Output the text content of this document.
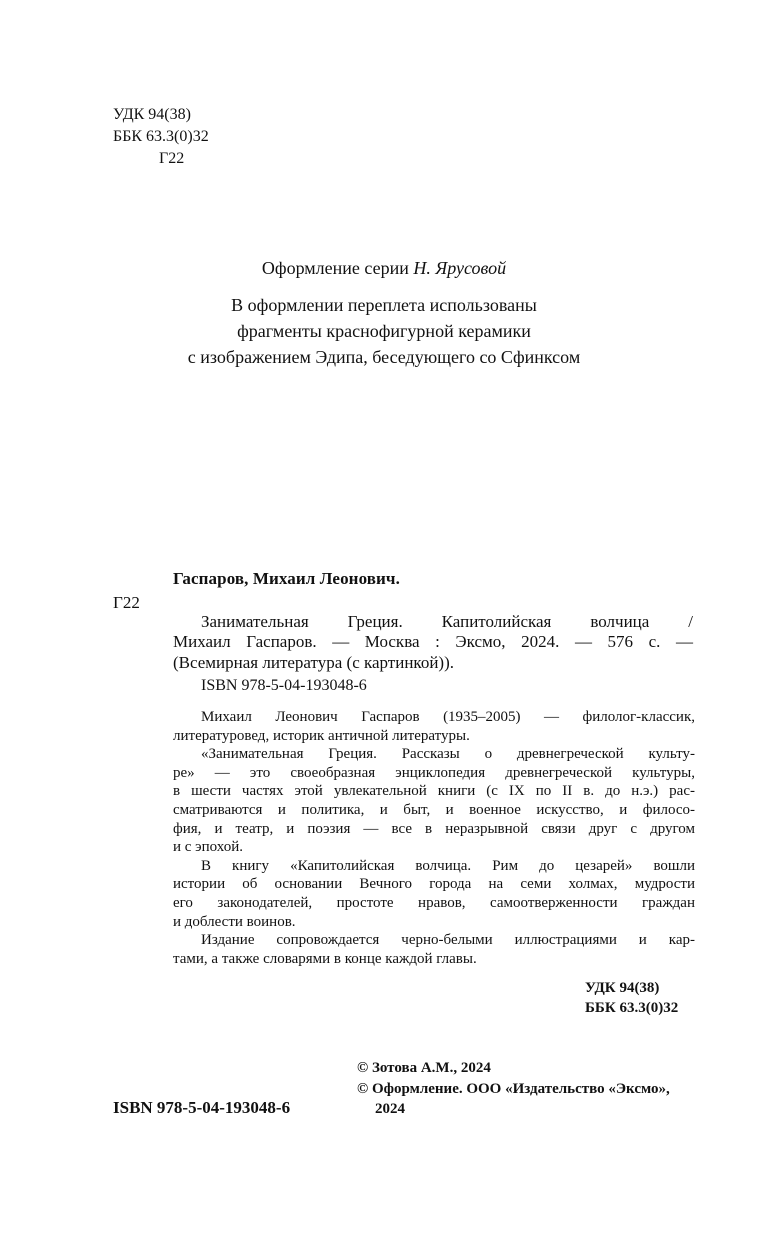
УДК 94(38)
ББК 63.3(0)32
Г22
Оформление серии Н. Ярусовой
В оформлении переплета использованы
фрагменты краснофигурной керамики
с изображением Эдипа, беседующего со Сфинксом
Гаспаров, Михаил Леонович.
Г22
Занимательная Греция. Капитолийская волчица /
Михаил Гаспаров. — Москва : Эксмо, 2024. — 576 с. —
(Всемирная литература (с картинкой)).
ISBN 978-5-04-193048-6
Михаил Леонович Гаспаров (1935–2005) — филолог-классик,
литературовед, историк античной литературы.
«Занимательная Греция. Рассказы о древнегреческой культу-
ре» — это своеобразная энциклопедия древнегреческой культуры,
в шести частях этой увлекательной книги (с IX по II в. до н.э.) рас-
сматриваются и политика, и быт, и военное искусство, и филосо-
фия, и театр, и поэзия — все в неразрывной связи друг с другом
и с эпохой.
В книгу «Капитолийская волчица. Рим до цезарей» вошли
истории об основании Вечного города на семи холмах, мудрости
его законодателей, простоте нравов, самоотверженности граждан
и доблести воинов.
Издание сопровождается черно-белыми иллюстрациями и кар-
тами, а также словарями в конце каждой главы.
УДК 94(38)
ББК 63.3(0)32
© Зотова А.М., 2024
© Оформление. ООО «Издательство «Эксмо»,
2024
ISBN 978-5-04-193048-6
